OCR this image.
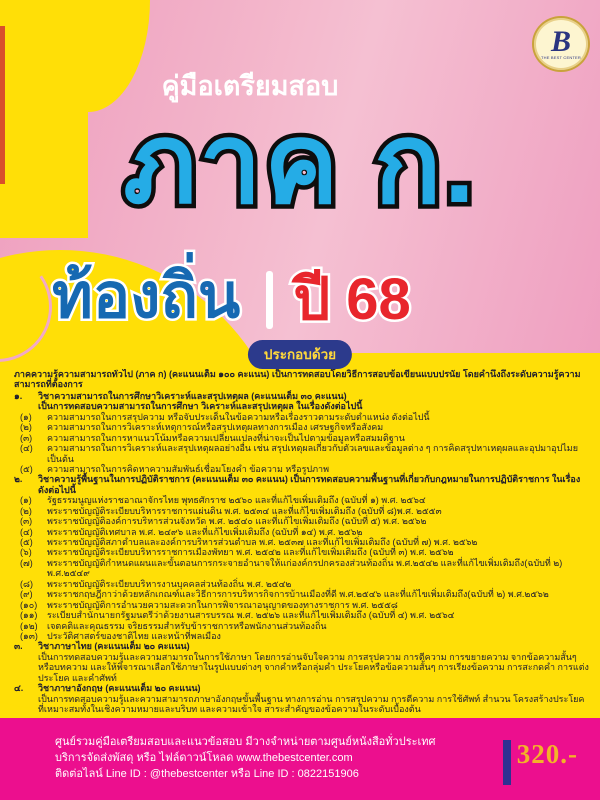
B
THE BEST CENTER
คู่มือเตรียมสอบ
ภาค ก.
ท้องถิ่น ปี 68
ประกอบด้วย
ภาคความรู้ความสามารถทั่วไป (ภาค ก) (คะแนนเต็ม ๑๐๐ คะแนน) เป็นการทดสอบโดยวิธีการสอบข้อเขียนแบบปรนัย โดยคำนึงถึงระดับความรู้ความสามารถที่ต้องการ
๑.	วิชาความสามารถในการศึกษาวิเคราะห์และสรุปเหตุผล (คะแนนเต็ม ๓๐ คะแนน)
เป็นการทดสอบความสามารถในการศึกษา วิเคราะห์และสรุปเหตุผล ในเรื่องดังต่อไปนี้
(๑)	ความสามารถในการสรุปความ หรือจับประเด็นในข้อความหรือเรื่องราวตามระดับตำแหน่ง ดังต่อไปนี้
(๒)	ความสามารถในการวิเคราะห์เหตุการณ์หรือสรุปเหตุผลทางการเมือง เศรษฐกิจหรือสังคม
(๓)	ความสามารถในการหาแนวโน้มหรือความเปลี่ยนแปลงที่น่าจะเป็นไปตามข้อมูลหรือสมมติฐาน
(๔)	ความสามารถในการวิเคราะห์และสรุปเหตุผลอย่างอื่น เช่น สรุปเหตุผลเกี่ยวกับตัวเลขและข้อมูลต่าง ๆ การคิดสรุปหาเหตุผลและอุปมาอุปไมย เป็นต้น
(๕)	ความสามารถในการคิดหาความสัมพันธ์เชื่อมโยงคำ ข้อความ หรือรูปภาพ
๒.	วิชาความรู้พื้นฐานในการปฏิบัติราชการ (คะแนนเต็ม ๓๐ คะแนน) เป็นการทดสอบความพื้นฐานที่เกี่ยวกับกฎหมายในการปฏิบัติราชการ ในเรื่องดังต่อไปนี้
(๑)	รัฐธรรมนูญแห่งราชอาณาจักรไทย พุทธศักราช ๒๕๖๐ และที่แก้ไขเพิ่มเติมถึง (ฉบับที่ ๑) พ.ศ. ๒๕๖๔
(๒)	พระราชบัญญัติระเบียบบริหารราชการแผ่นดิน พ.ศ. ๒๕๓๔ และที่แก้ไขเพิ่มเติมถึง (ฉบับที่ ๘)พ.ศ. ๒๕๕๓
(๓)	พระราชบัญญัติองค์การบริหารส่วนจังหวัด พ.ศ. ๒๕๔๐ และที่แก้ไขเพิ่มเติมถึง (ฉบับที่ ๕) พ.ศ. ๒๕๖๒
(๔)	พระราชบัญญัติเทศบาล พ.ศ. ๒๔๙๖ และที่แก้ไขเพิ่มเติมถึง (ฉบับที่ ๑๔) พ.ศ. ๒๕๖๒
(๕)	พระราชบัญญัติสภาตำบลและองค์การบริหารส่วนตำบล พ.ศ. ๒๕๓๗ และที่แก้ไขเพิ่มเติมถึง (ฉบับที่ ๗) พ.ศ. ๒๕๖๒
(๖)	พระราชบัญญัติระเบียบบริหารราชการเมืองพัทยา พ.ศ. ๒๕๔๒ และที่แก้ไขเพิ่มเติมถึง (ฉบับที่ ๓) พ.ศ. ๒๕๖๒
(๗)	พระราชบัญญัติกำหนดแผนและขั้นตอนการกระจายอำนาจให้แก่องค์กรปกครองส่วนท้องถิ่น พ.ศ.๒๕๔๒ และที่แก้ไขเพิ่มเติมถึง(ฉบับที่ ๒) พ.ศ.๒๕๔๙
(๘)	พระราชบัญญัติระเบียบบริหารงานบุคคลส่วนท้องถิ่น พ.ศ. ๒๕๔๒
(๙)	พระราชกฤษฎีกาว่าด้วยหลักเกณฑ์และวิธีการการบริหารกิจการบ้านเมืองที่ดี พ.ศ.๒๕๔๖ และที่แก้ไขเพิ่มเติมถึง(ฉบับที่ ๒) พ.ศ.๒๕๖๒
(๑๐)	พระราชบัญญัติการอำนวยความสะดวกในการพิจารณาอนุญาตของทางราชการ พ.ศ. ๒๕๕๘
(๑๑)	ระเบียบสำนักนายกรัฐมนตรีว่าด้วยงานสารบรรณ พ.ศ. ๒๕๒๖ และที่แก้ไขเพิ่มเติมถึง (ฉบับที่ ๔) พ.ศ. ๒๕๖๔
(๑๒)	เจตคติและคุณธรรม จริยธรรมสำหรับข้าราชการหรือพนักงานส่วนท้องถิ่น
(๑๓)	ประวัติศาสตร์ของชาติไทย และหน้าที่พลเมือง
๓.	วิชาภาษาไทย (คะแนนเต็ม ๒๐ คะแนน)
เป็นการทดสอบความรู้และความสามารถในการใช้ภาษา โดยการอ่านจับใจความ การสรุปความ การตีความ การขยายความ จากข้อความสั้นๆ หรือบทความ และให้พิจารณาเลือกใช้ภาษาในรูปแบบต่างๆ จากคำหรือกลุ่มคำ ประโยคหรือข้อความสั้นๆ การเรียงข้อความ การสะกดคำ การแต่งประโยค และคำศัพท์
๔.	วิชาภาษาอังกฤษ (คะแนนเต็ม ๒๐ คะแนน)
เป็นการทดสอบความรู้และความสามารถภาษาอังกฤษขั้นพื้นฐาน ทางการอ่าน การสรุปความ การตีความ การใช้ศัพท์ สำนวน โครงสร้างประโยคที่เหมาะสมทั้งในเชิงความหมายและบริบท และความเข้าใจ สาระสำคัญของข้อความในระดับเบื้องต้น
ศูนย์รวมคู่มือเตรียมสอบและแนวข้อสอบ มีวางจำหน่ายตามศูนย์หนังสือทั่วประเทศ
บริการจัดส่งพัสดุ หรือ ไฟล์ดาวน์โหลด www.thebestcenter.com
ติดต่อไลน์ Line ID : @thebestcenter หรือ Line ID : 0822151906
320.-
